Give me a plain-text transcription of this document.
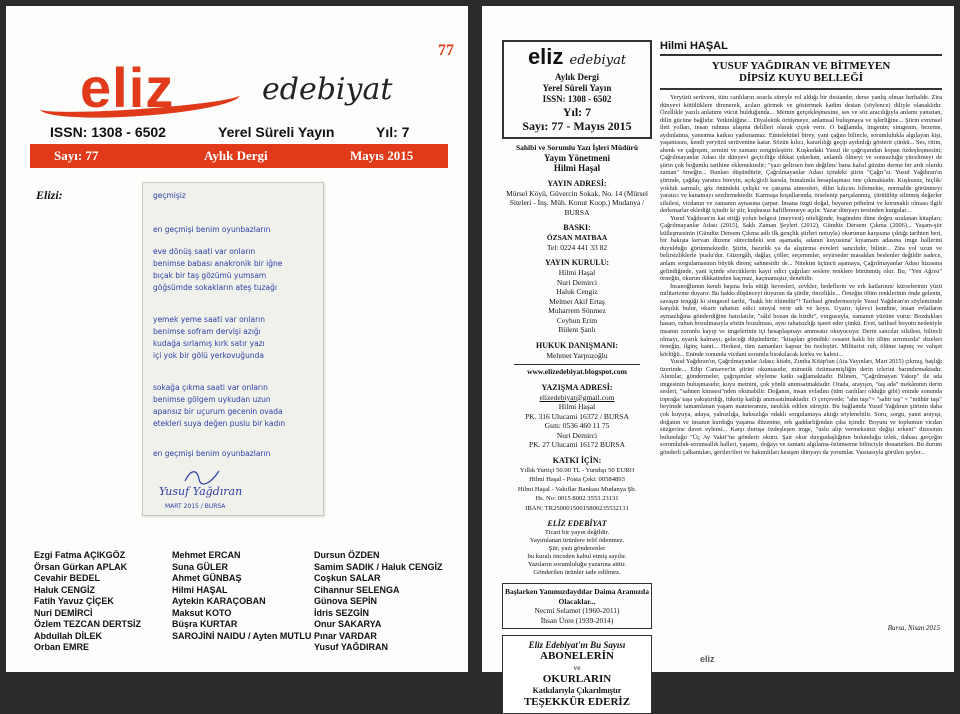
77
eliz	edebiyat
ISSN: 1308 - 6502	Yerel Süreli Yayın	Yıl: 7
Sayı: 77	Aylık Dergi	Mayıs 2015
Elizi:	geçmişiz
en geçmişi benim oyunbazların
eve dönüş saati var onların
benimse babası anakronik bir iğne
bıçak bir taş gözümü yumsam
göğsümde sokakların ateş tuzağı
yemek yeme saati var onların
benimse sofram dervişi azığı
kudağa sırlamış kırk satır yazı
içi yok bir gölü yerkovuğunda
sokağa çıkma saati var onların
benimse gölgem uykudan uzun
apansız bir uçurum gecenin ovada
etekleri suya değen puslu bir kadın
en geçmişi benim oyunbazların
Yusuf Yağdıran
MART 2015 / BURSA
Ezgi Fatma AÇIKGÖZ
Örsan Gürkan APLAK
Cevahir BEDEL
Haluk CENGİZ
Fatih Yavuz ÇİÇEK
Nuri DEMİRCİ
Özlem TEZCAN DERTSİZ
Abdullah DİLEK
Orban EMRE
Mehmet ERCAN
Suna GÜLER
Ahmet GÜNBAŞ
Hilmi HAŞAL
Aytekin KARAÇOBAN
Maksut KOTO
Büşra KURTAR
SAROJİNİ NAIDU / Ayten MUTLU
Dursun ÖZDEN
Samim SADIK / Haluk CENGİZ
Coşkun SALAR
Cihannur SELENGA
Günova SEPİN
İdris SEZGİN
Onur SAKARYA
Pınar VARDAR
Yusuf YAĞDIRAN
eliz edebiyat
Aylık Dergi
Yerel Süreli Yayın
ISSN: 1308 - 6502
Yıl: 7
Sayı: 77 - Mayıs 2015
Sahibi ve Sorumlu Yazı İşleri Müdürü
Yayın Yönetmeni
Hilmi Haşal
YAYIN ADRESİ:
Mürsel Köyü, Güvercin Sokak, No. 14 (Mürsel Siteleri - İnş. Müh. Konut Koop.) Mudanya / BURSA
BASKI:
ÖZSAN MATBAA
Tel: 0224 441 33 82
YAYIN KURULU:
Hilmi Haşal
Nuri Demirci
Haluk Cengiz
Melmet Akif Ertaş
Muharrem Sönmez
Ceyhun Erim
Bülent Şanlı
HUKUK DANIŞMANI:
Mehmet Yarpuzoğlu
www.elizedebiyat.blogspot.com
YAZIŞMA ADRESİ:
elizedebiyat@gmail.com
Hilmi Haşal
PK. 316 Ulucami 16372 / BURSA
Gsm: 0536 460 11 75
Nuri Demirci
PK. 27 Ulucami 16172 BURSA
KATKI İÇİN:
Yıllık Yurtiçi 50.00 TL - Yurtdışı 50 EURO
Hilmi Haşal - Posta Çeki: 00584893
Hilmi Haşal - Vakıflar Bankası Mudanya Şb.
Hs. No: 0015 8002 3553 23131
IBAN: TR25000150015800235532131
ELİZ EDEBİYAT
Ticari bir yayın değildir.
Yayımlanan ürünlere telif ödenmez.
Şiir, yazı gönderenler
bu kuralı önceden kabul etmiş sayılır.
Yazıların sorumluluğu yazarına aittir.
Gönderilen ürünler iade edilmez.
Başlarken Yanımızdaydılar Daima Aramızda Olacaklar...
Necmi Selamet (1960-2011)
İhsan Üren (1939-2014)
Eliz Edebiyat'ın Bu Sayısı
ABONELERİN
ve
OKURLARIN
Katkılarıyla Çıkarılmıştır
TEŞEKKÜR EDERİZ
Hilmi HAŞAL
YUSUF YAĞDIRAN VE BİTMEYEN
DİPSİZ KUYU BELLEĞİ

Yeryüzü serüveni, tüm canlıların ısrarla süreyle rol aldığı bir destandır, derse yanlış olmaz herhalde. Zira dünyevi kötülüklere direnerek, acıları görmek ve göstermek kadim destan (söylence) diliyle olanaklıdır. Özellikle yazılı anlatımı vücut bulduğunda... Metnin gerçekleşmesine, ses ve söz aracılığıyla anlamı yansıtan, dilin gücüne bağlıdır. Yetkinliğine... Diyalektik örtüşmeye, anlamsal buluşmaya ve işlerliğine... Şiirin evrensel ileti yolları, insan ruhuna ulaşma delilleri olarak çiçek verir. O bağlamda, imgenin; simgenin, bezeme, aydınlatma, yansıtma katkısı yadsınamaz. Emtelektüel birey, yani çağını bilincle, sorumlulukla algılayan kişi, yaşantısını, kendi yeryüzü serüvenine katar. Sözün kılıcı, kararlılığı geçip aydınlığı gösterir çünkü... Ses, ritim, ahenk ve çağrışım, zemini ve zamanı zenginleştirir. Kuşkudaki Yusuf ile çağrışımdan kopan özdeşleşmesini; Çağrılmayanlar Adası ile dünyevi geçiciliğe dikkat çekerken, anlamlı ölmeyi ve sonsuzluğu yüceltmeyi de şiirin çok boğumlu tarihine eklemektedir; "yazı gelirsen ben değilim/ bana kalsıl güzüm derme bir ardı olurdu zaman" örneğin... Bunları düşündürür, Çağrılmayanlar Adası içindeki şiirin "Çağrı"sı. Yusuf Yağdıran'ın şiirinde, çağdaş yaratıcı bireyin, açık/gizli kaosla, bunalımla hesaplaşması öne çıkmaktadır. Kuşkusuz, hiçlik/ yokluk sarmalı, göz önündeki çelişki ve çatışma atmosferi, dilin kılıcını bilemekte, normalde görünmeyi yaratıcı ve kanamayı sezdirmektedir. Karmaşa koşullarında, örselenip parçalanmış, çürütülüp silinmiş değerler silsilesi, vicdanın ve zamanın aynasına çarpar. İnsana özgü doğal, beyanın pöhelmi ve korunaklı olması ilgili derkenarlar eklediği içindir ki şiir, kuşkusuz hafiflenmeye açılır. Yazar dünyayı tersinden kurgular...

Yusuf Yağdıran'ın kat ettiği yolun belgesi (meyvesi) niteliğinde, bugünden düne doğru sıralanan kitapları; Çağrılmayanlar Adası (2015), Sakh Zaman Şeyleri (2012), Gündüz Dersem Çıkma (2006)... Yaşam-şiir külleşmesinin (Gündüz Dersem Çıkma adlı ilk gençlik şiirleri notuyla) okurunun karşısına çıktığı tarihten beri, bir bakışta kervan düzene sürecindeki son aşamada, adanın kuyusuna' kıyamam adasına imge hallerini duyulduğu görünmektedir. Şiirin, hazırlık ya da alıştırma evreleri sancılıdır, bilinir... Zira yol uzun ve belirsizliklerle 'puslu'dur. Güzergâh, dağlar, çöller, seçemmler, seyirseder masaldan beslenler değildir sadece, anlam sorgulamasının büyük direnç sahnesidir de... Nitekim üçüncü aşamaya, Çağrılmayanlar Adası hizasına gelindiğinde, yani içinde sözcüklerin kayıt edici çağrıları seslere renklere bürünmüş olur. Bu, "Yen Ağrısı" örneğin, okurun dikkatinden kaçmaz, kaçmamıştır, denebilir.

İnsanoğlunun kendi başına bela ettiği hevesleri, zevkler, hedeflerin ve erk katlarının/ kürselerinin yüzü militarizme duyarır. Bu hakkı düşünceyi duyurun da şiirdir, öncelikle... Örneğin ölüm renklerinin önde gelenin, savaşın tengiği ki simgesel tarihi, "hakk bir ölümdür"! Tarihsel göndermesiyle Yusuf Yağdıran'ın söylemiinde karşılık bulur, okuru rahatsız edici simyal verir adı ve koyu. Uyarır, işlevci kendine, insan evlatların aymazlığına gönderdiğine hatırlatılır, "sâlıl bozan da bizdir", vurgusuyla, zamanın yüzüne vurur. Bozdukları hasarı, ruhun bozulmasıyla sözün bozulması, aynı rahatsızlığı işaret eder çünkü. Evet, tarihsel boyutu nedeniyle insanın zorunlu kayıp ve imgelerinin içi hesaplaşmayı anımsatır okuyucuya: Derin sancılar silsilesi, bilincli olmayı, uyarık kalmayı, geleceği düşündürür; "kitapları gömdük/ cesaret haklı bir ölüm sırrımızda" dizeleri örneğin, ilginç kanıt... Herkesi, tüm zamanları kapsar bu özeleştiri. Militarist ruh, ölüme tapınç ve vahşet körlüğü... Eninde sonunda vicdani sorumlu bırakılacak korku ve kalesi...

Yusuf Yağdıran'ın, Çağrılmayanlar Adası; kitabı, Zımba Kitap'tan (Ata Yayınları, Mart 2015) çıkmış, başlığı üzerinde... Edip Cansever'in şiirini okumasıdır, mimetik özümsemişliğin derin izlerini barındırmaktadır. Alıntılar, göndermeler, çağrışımlar söyleme katkı sağlamaktadır. Bilinen, "Çağrılmayan Yakup" ile ada imgesinin buluşmasıdır, kuyu metnini, çok yönlü anımsatmaktadır. Orada, arayışın, "taş ada" mekânının derin sesleri, "sahnen kimsesi"nden okunabilir. Doğanın, insan evladını (tüm canlıları olduğu gibi) eninde sonunda toprağa/ taşa yakıştırdığı, tüketip katlığı anımsatılmaktadır. O çerçevede; "ahn taşı"= "sahir taş" = "mühür taşı" beyimde tamamlanan yaşam mateteranını, tanıklık edilen süreçtir. Bu bağlamda Yusuf Yağdıran şiirinin daha çok kuyuya, adaya, yalnızlığa, haksızlığa odaklı sorgulamaya aktığı söylenebilir. Soru, sorgu, yanıt arayışı, doğanın ve insanın kurduğu yaşama düzenine, erk gaddarlığından çıka içindir. Boyutu ve toplumun vicdan süzgecine davet eylemi... Karşı duruşa özdeşleşen imge, "uslu alıp vermeksiniz değişi erkeni" dizesinin bulunduğu "Üç Ay Vakti"ne gönderir okuru. Şair okur duygudaşlığının bulunduğu izlek, dahası gerçeğin sorumluluk-sorunsallık halleri, yaşamı, doğayı ve zamanı algılama-özümseme bilinciyle donanırken. Bu durum gönderli çalkantıları, geriler/ileri ve hakımlıları kesişen dünyayı da yorumlar. Vasıtasıyla görülen şeyler...

Bursa, Nisan 2015
eliz
